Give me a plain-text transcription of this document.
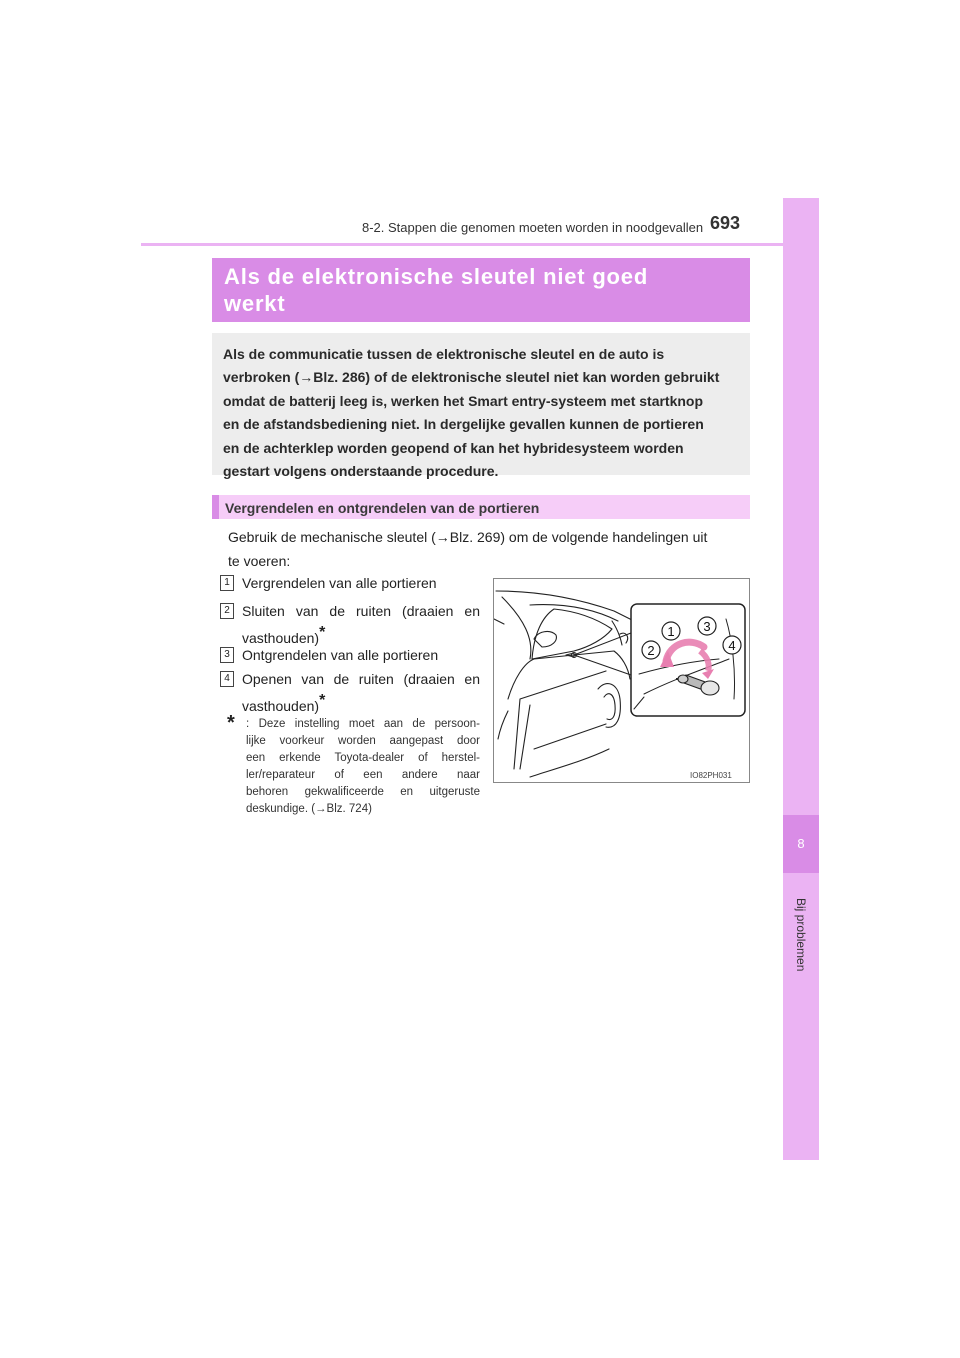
8
Bij problemen
8-2. Stappen die genomen moeten worden in noodgevallen 693
Als de elektronische sleutel niet goed
werkt
Als de communicatie tussen de elektronische sleutel en de auto is
verbroken (→Blz. 286) of de elektronische sleutel niet kan worden gebruikt
omdat de batterij leeg is, werken het Smart entry-systeem met startknop
en de afstandsbediening niet. In dergelijke gevallen kunnen de portieren
en de achterklep worden geopend of kan het hybridesysteem worden
gestart volgens onderstaande procedure.
Vergrendelen en ontgrendelen van de portieren
Gebruik de mechanische sleutel (→Blz. 269) om de volgende handelingen uit
te voeren:
1 Vergrendelen van alle portieren
2 Sluiten van de ruiten (draaien en
vasthouden)*
3 Ontgrendelen van alle portieren
4 Openen van de ruiten (draaien en
vasthouden)*
* : Deze instelling moet aan de persoon-
lijke voorkeur worden aangepast door
een erkende Toyota-dealer of herstel-
ler/reparateur of een andere naar
behoren gekwalificeerde en uitgeruste
deskundige. (→Blz. 724)
1
2
3
4
IO82PH031
